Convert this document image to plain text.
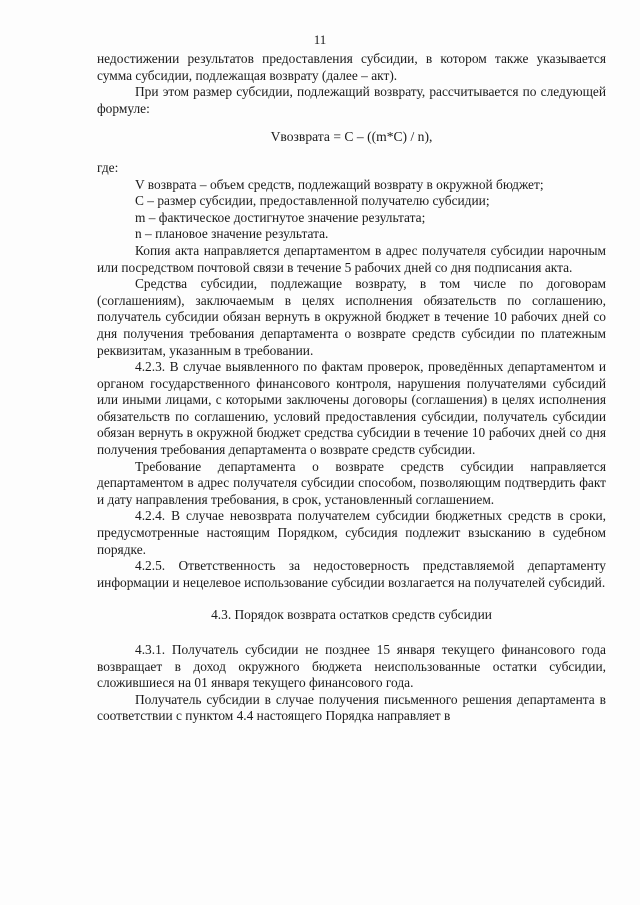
11

недостижении результатов предоставления субсидии, в котором также указывается сумма субсидии, подлежащая возврату (далее – акт).

При этом размер субсидии, подлежащий возврату, рассчитывается по следующей формуле:

Vвозврата = C – ((m*C) / n),

где:

V возврата – объем средств, подлежащий возврату в окружной бюджет;

C – размер субсидии, предоставленной получателю субсидии;

m – фактическое достигнутое значение результата;

n – плановое значение результата.

Копия акта направляется департаментом в адрес получателя субсидии нарочным или посредством почтовой связи в течение 5 рабочих дней со дня подписания акта.

Средства субсидии, подлежащие возврату, в том числе по договорам (соглашениям), заключаемым в целях исполнения обязательств по соглашению, получатель субсидии обязан вернуть в окружной бюджет в течение 10 рабочих дней со дня получения требования департамента о возврате средств субсидии по платежным реквизитам, указанным в требовании.

4.2.3. В случае выявленного по фактам проверок, проведённых департаментом и органом государственного финансового контроля, нарушения получателями субсидий или иными лицами, с которыми заключены договоры (соглашения) в целях исполнения обязательств по соглашению, условий предоставления субсидии, получатель субсидии обязан вернуть в окружной бюджет средства субсидии в течение 10 рабочих дней со дня получения требования департамента о возврате средств субсидии.

Требование департамента о возврате средств субсидии направляется департаментом в адрес получателя субсидии способом, позволяющим подтвердить факт и дату направления требования, в срок, установленный соглашением.

4.2.4. В случае невозврата получателем субсидии бюджетных средств в сроки, предусмотренные настоящим Порядком, субсидия подлежит взысканию в судебном порядке.

4.2.5. Ответственность за недостоверность представляемой департаменту информации и нецелевое использование субсидии возлагается на получателей субсидий.

4.3. Порядок возврата остатков средств субсидии

4.3.1. Получатель субсидии не позднее 15 января текущего финансового года возвращает в доход окружного бюджета неиспользованные остатки субсидии, сложившиеся на 01 января текущего финансового года.

Получатель субсидии в случае получения письменного решения департамента в соответствии с пунктом 4.4 настоящего Порядка направляет в
